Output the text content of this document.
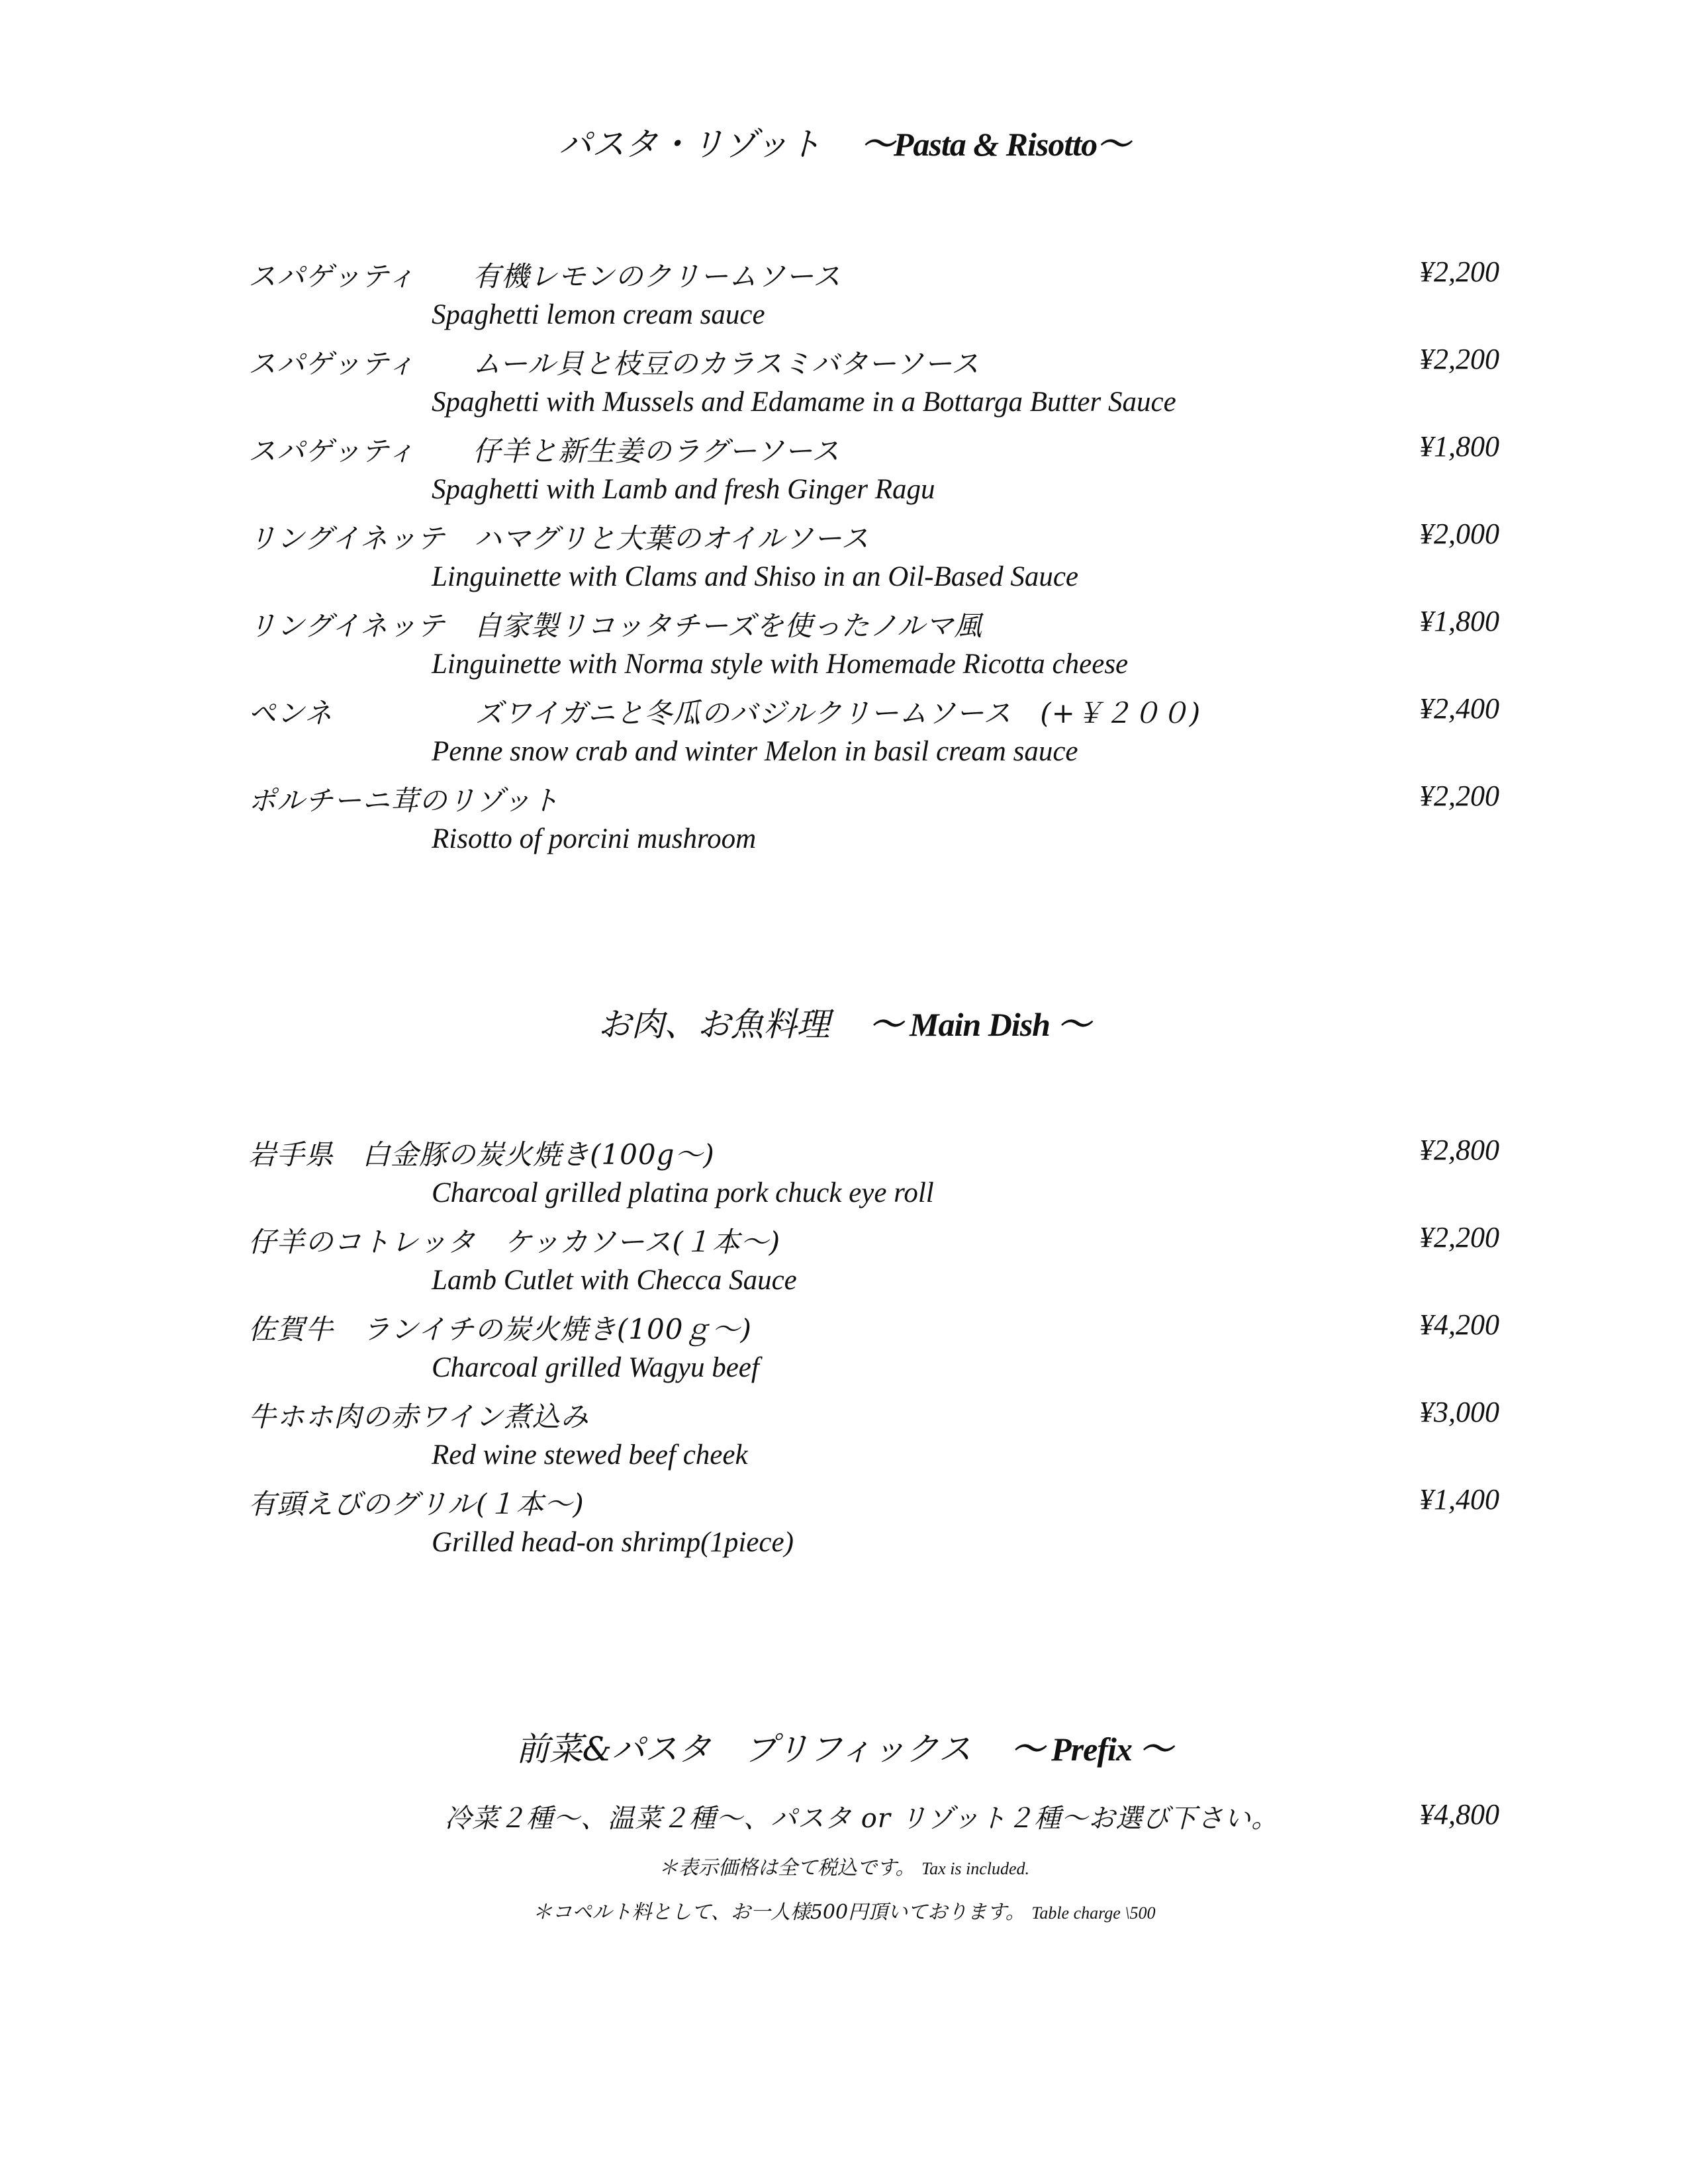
パスタ・リゾット ～Pasta & Risotto～
スパゲッティ　　有機レモンのクリームソース	¥2,200
Spaghetti lemon cream sauce
スパゲッティ　　ムール貝と枝豆のカラスミバターソース	¥2,200
Spaghetti with Mussels and Edamame in a Bottarga Butter Sauce
スパゲッティ　　仔羊と新生姜のラグーソース	¥1,800
Spaghetti with Lamb and fresh Ginger Ragu
リングイネッテ　ハマグリと大葉のオイルソース	¥2,000
Linguinette with Clams and Shiso in an Oil-Based Sauce
リングイネッテ　自家製リコッタチーズを使ったノルマ風	¥1,800
Linguinette with Norma style with Homemade Ricotta cheese
ペンネ　　　　　ズワイガニと冬瓜のバジルクリームソース　(+￥２００)	¥2,400
Penne snow crab and winter Melon in basil cream sauce
ポルチーニ茸のリゾット	¥2,200
Risotto of porcini mushroom
お肉、お魚料理 ～ Main Dish ～
岩手県　白金豚の炭火焼き(100g～)	¥2,800
Charcoal grilled platina pork chuck eye roll
仔羊のコトレッタ　ケッカソース(１本～)	¥2,200
Lamb Cutlet with Checca Sauce
佐賀牛　ランイチの炭火焼き(100ｇ～)	¥4,200
Charcoal grilled Wagyu beef
牛ホホ肉の赤ワイン煮込み	¥3,000
Red wine stewed beef cheek
有頭えびのグリル(１本～)	¥1,400
Grilled head-on shrimp(1piece)
前菜&パスタ　プリフィックス ～ Prefix ～
冷菜２種～、温菜２種～、パスタ or リゾット２種～お選び下さい。	¥4,800
＊表示価格は全て税込です。 Tax is included.
＊コペルト料として、お一人様500円頂いております。 Table charge \500
